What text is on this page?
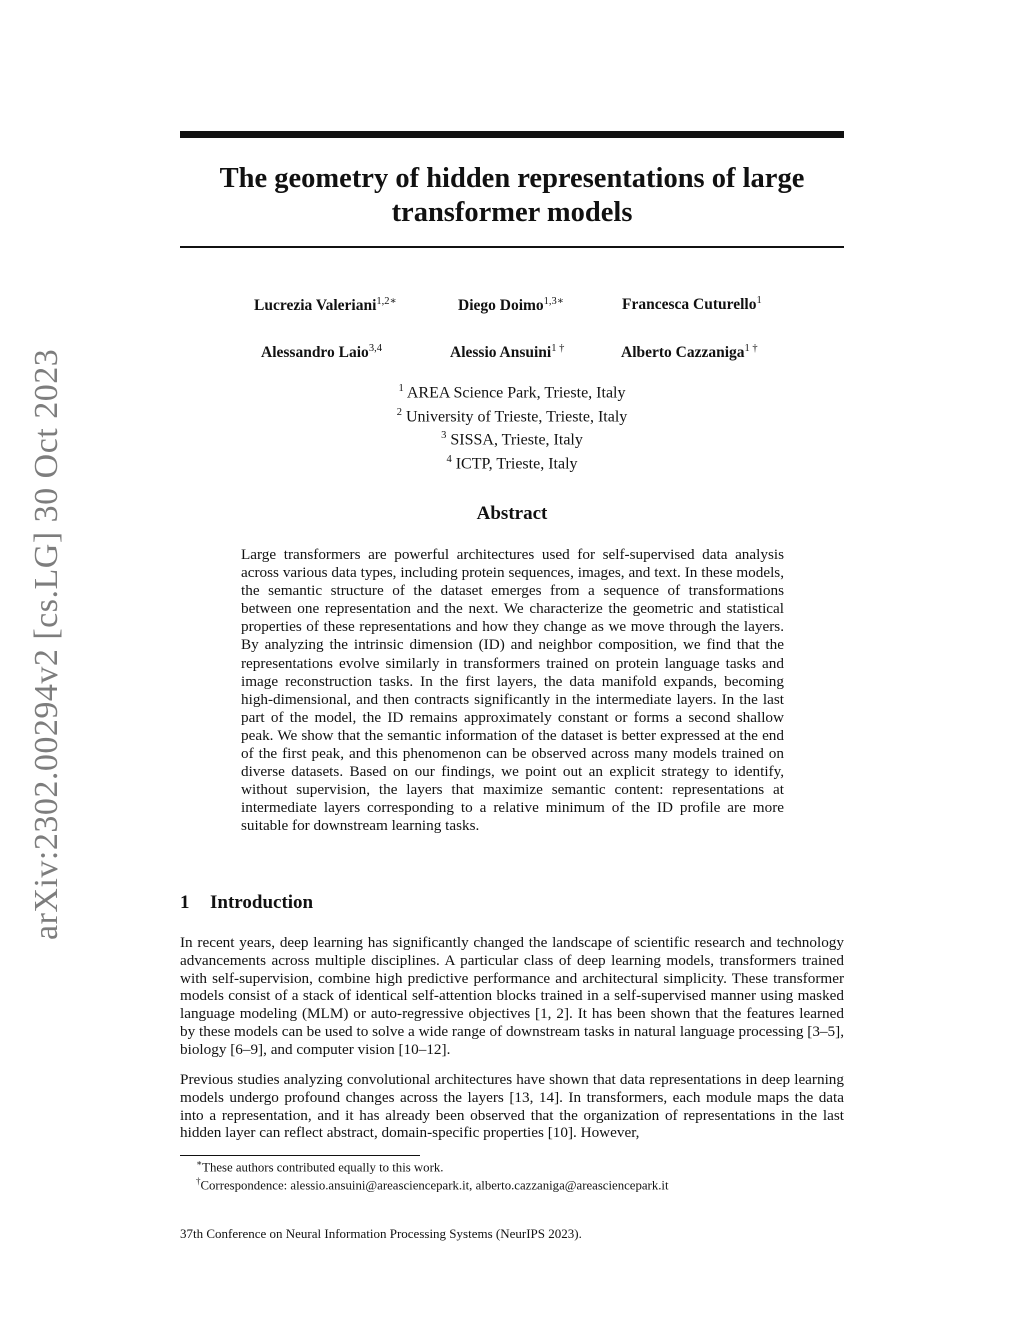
arXiv:2302.00294v2 [cs.LG] 30 Oct 2023
The geometry of hidden representations of large transformer models
Lucrezia Valeriani$^{1,2∗}$	Diego Doimo$^{1,3∗}$	Francesca Cuturello$^1$
Alessandro Laio$^{3,4}$	Alessio Ansuini$^{1 \dagger}$	Alberto Cazzaniga$^{1 \dagger}$
$^1$ AREA Science Park, Trieste, Italy
$^2$ University of Trieste, Trieste, Italy
$^3$ SISSA, Trieste, Italy
$^4$ ICTP, Trieste, Italy
Abstract

Large transformers are powerful architectures used for self-supervised data analysis across various data types, including protein sequences, images, and text. In these models, the semantic structure of the dataset emerges from a sequence of transformations between one representation and the next. We characterize the geometric and statistical properties of these representations and how they change as we move through the layers. By analyzing the intrinsic dimension (ID) and neighbor composition, we find that the representations evolve similarly in transformers trained on protein language tasks and image reconstruction tasks. In the first layers, the data manifold expands, becoming high-dimensional, and then contracts significantly in the intermediate layers. In the last part of the model, the ID remains approximately constant or forms a second shallow peak. We show that the semantic information of the dataset is better expressed at the end of the first peak, and this phenomenon can be observed across many models trained on diverse datasets. Based on our findings, we point out an explicit strategy to identify, without supervision, the layers that maximize semantic content: representations at intermediate layers corresponding to a relative minimum of the ID profile are more suitable for downstream learning tasks.

1 Introduction

In recent years, deep learning has significantly changed the landscape of scientific research and technology advancements across multiple disciplines. A particular class of deep learning models, transformers trained with self-supervision, combine high predictive performance and architectural simplicity. These transformer models consist of a stack of identical self-attention blocks trained in a self-supervised manner using masked language modeling (MLM) or auto-regressive objectives [1, 2]. It has been shown that the features learned by these models can be used to solve a wide range of downstream tasks in natural language processing [3–5], biology [6–9], and computer vision [10–12].

Previous studies analyzing convolutional architectures have shown that data representations in deep learning models undergo profound changes across the layers [13, 14]. In transformers, each module maps the data into a representation, and it has already been observed that the organization of representations in the last hidden layer can reflect abstract, domain-specific properties [10]. However,

∗These authors contributed equally to this work.
†Correspondence: alessio.ansuini@areasciencepark.it, alberto.cazzaniga@areasciencepark.it
37th Conference on Neural Information Processing Systems (NeurIPS 2023).
